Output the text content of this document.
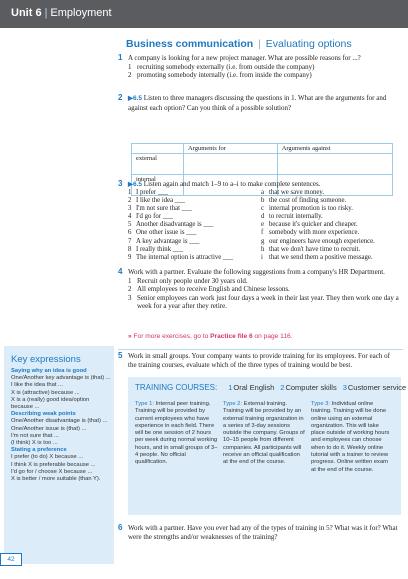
Unit 6 | Employment
Business communication | Evaluating options
1 A company is looking for a new project manager. What are possible reasons for ...?
1 recruiting somebody externally (i.e. from outside the company)
2 promoting somebody internally (i.e. from inside the company)
2 ▶6.5 Listen to three managers discussing the questions in 1. What are the arguments for and against each option? Can you think of a possible solution?
	Arguments for	Arguments against
external		
internal		
3 ▶6.5 Listen again and match 1–9 to a–i to make complete sentences.
1 I prefer ___	a that we save money.
2 I like the idea ___	b the cost of finding someone.
3 I'm not sure that ___	c internal promotion is too risky.
4 I'd go for ___	d to recruit internally.
5 Another disadvantage is ___	e because it's quicker and cheaper.
6 One other issue is ___	f somebody with more experience.
7 A key advantage is ___	g our engineers have enough experience.
8 I really think ___	h that we don't have time to recruit.
9 The internal option is attractive ___	i that we send them a positive message.
4 Work with a partner. Evaluate the following suggestions from a company's HR Department.
1 Recruit only people under 30 years old.
2 All employees to receive English and Chinese lessons.
3 Senior employees can work just four days a week in their last year. They then work one day a week for a year after they retire.
» For more exercises, go to Practice file 6 on page 116.
Key expressions
Saying why an idea is good
One/Another key advantage is (that) ...
I like the idea that ...
X is (attractive) because ...
X is a (really) good idea/option because ...
Describing weak points
One/Another disadvantage is (that) ...
One/Another issue is (that) ...
I'm not sure that ...
(I think) X is too ...
Stating a preference
I prefer (to do) X because ...
I think X is preferable because ...
I'd go for / choose X because ...
X is better / more suitable (than Y).
5 Work in small groups. Your company wants to provide training for its employees. For each of the training courses, evaluate which of the three types of training would be best.
TRAINING COURSES: 1Oral English 2Computer skills 3Customer service
Type 1: Internal peer training. Training will be provided by current employees who have experience in each field. There will be one session of 2 hours per week during normal working hours, and in small groups of 3–4 people. No official qualification.
Type 2: External training. Training will be provided by an external training organization in a series of 3-day sessions outside the company. Groups of 10–15 people from different companies. All participants will receive an official qualification at the end of the course.
Type 3: Individual online training. Training will be done online using an external organization. This will take place outside of working hours and employees can choose when to do it. Weekly online tutorial with a trainer to review progress. Online written exam at the end of the course.
6 Work with a partner. Have you ever had any of the types of training in 5? What was it for? What were the strengths and/or weaknesses of the training?
42
